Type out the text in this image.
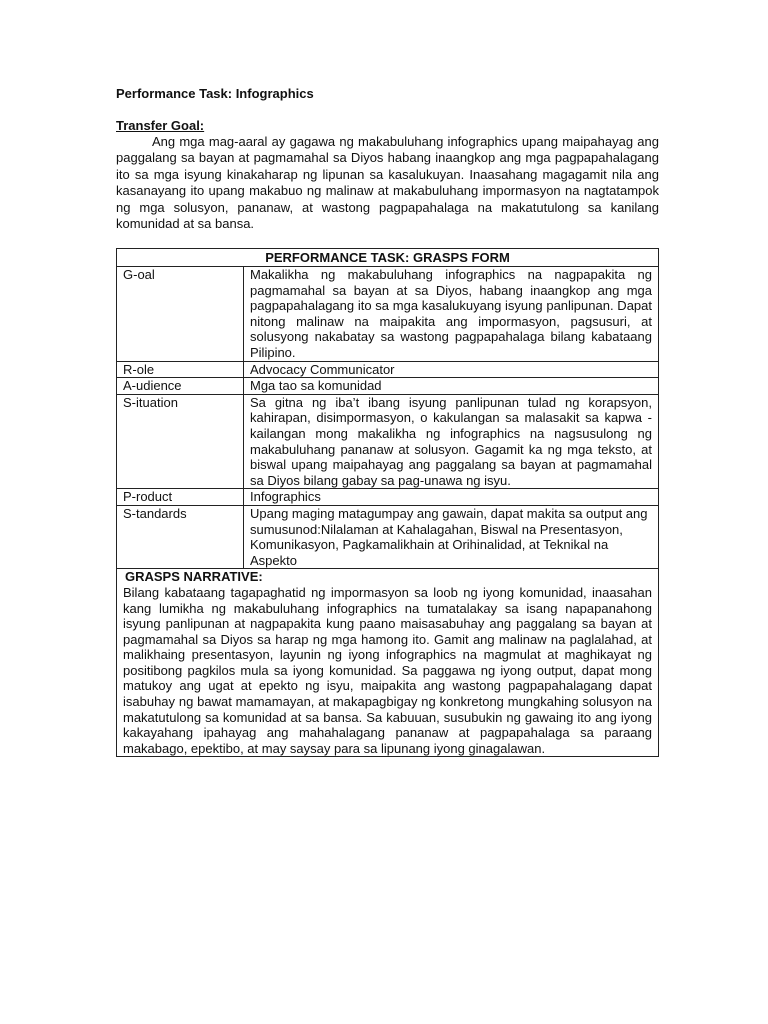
Performance Task: Infographics

Transfer Goal:

Ang mga mag-aaral ay gagawa ng makabuluhang infographics upang maipahayag ang paggalang sa bayan at pagmamahal sa Diyos habang inaangkop ang mga pagpapahalagang ito sa mga isyung kinakaharap ng lipunan sa kasalukuyan. Inaasahang magagamit nila ang kasanayang ito upang makabuo ng malinaw at makabuluhang impormasyon na nagtatampok ng mga solusyon, pananaw, at wastong pagpapahalaga na makatutulong sa kanilang komunidad at sa bansa.

PERFORMANCE TASK: GRASPS FORM	
G-oal	Makalikha ng makabuluhang infographics na nagpapakita ng pagmamahal sa bayan at sa Diyos, habang inaangkop ang mga pagpapahalagang ito sa mga kasalukuyang isyung panlipunan. Dapat nitong malinaw na maipakita ang impormasyon, pagsusuri, at solusyong nakabatay sa wastong pagpapahalaga bilang kabataang Pilipino.
R-ole	Advocacy Communicator
A-udience	Mga tao sa komunidad
S-ituation	Sa gitna ng iba’t ibang isyung panlipunan tulad ng korapsyon, kahirapan, disimpormasyon, o kakulangan sa malasakit sa kapwa -kailangan mong makalikha ng infographics na nagsusulong ng makabuluhang pananaw at solusyon. Gagamit ka ng mga teksto, at biswal upang maipahayag ang paggalang sa bayan at pagmamahal sa Diyos bilang gabay sa pag-unawa ng isyu.
P-roduct	Infographics
S-tandards	Upang maging matagumpay ang gawain, dapat makita sa output ang sumusunod:Nilalaman at Kahalagahan, Biswal na Presentasyon, Komunikasyon, Pagkamalikhain at Orihinalidad, at Teknikal na Aspekto

GRASPS NARRATIVE:
Bilang kabataang tagapaghatid ng impormasyon sa loob ng iyong komunidad, inaasahan kang lumikha ng makabuluhang infographics na tumatalakay sa isang napapanahong isyung panlipunan at nagpapakita kung paano maisasabuhay ang paggalang sa bayan at pagmamahal sa Diyos sa harap ng mga hamong ito. Gamit ang malinaw na paglalahad, at malikhaing presentasyon, layunin ng iyong infographics na magmulat at maghikayat ng positibong pagkilos mula sa iyong komunidad. Sa paggawa ng iyong output, dapat mong matukoy ang ugat at epekto ng isyu, maipakita ang wastong pagpapahalagang dapat isabuhay ng bawat mamamayan, at makapagbigay ng konkretong mungkahing solusyon na makatutulong sa komunidad at sa bansa. Sa kabuuan, susubukin ng gawaing ito ang iyong kakayahang ipahayag ang mahahalagang pananaw at pagpapahalaga sa paraang makabago, epektibo, at may saysay para sa lipunang iyong ginagalawan.	
